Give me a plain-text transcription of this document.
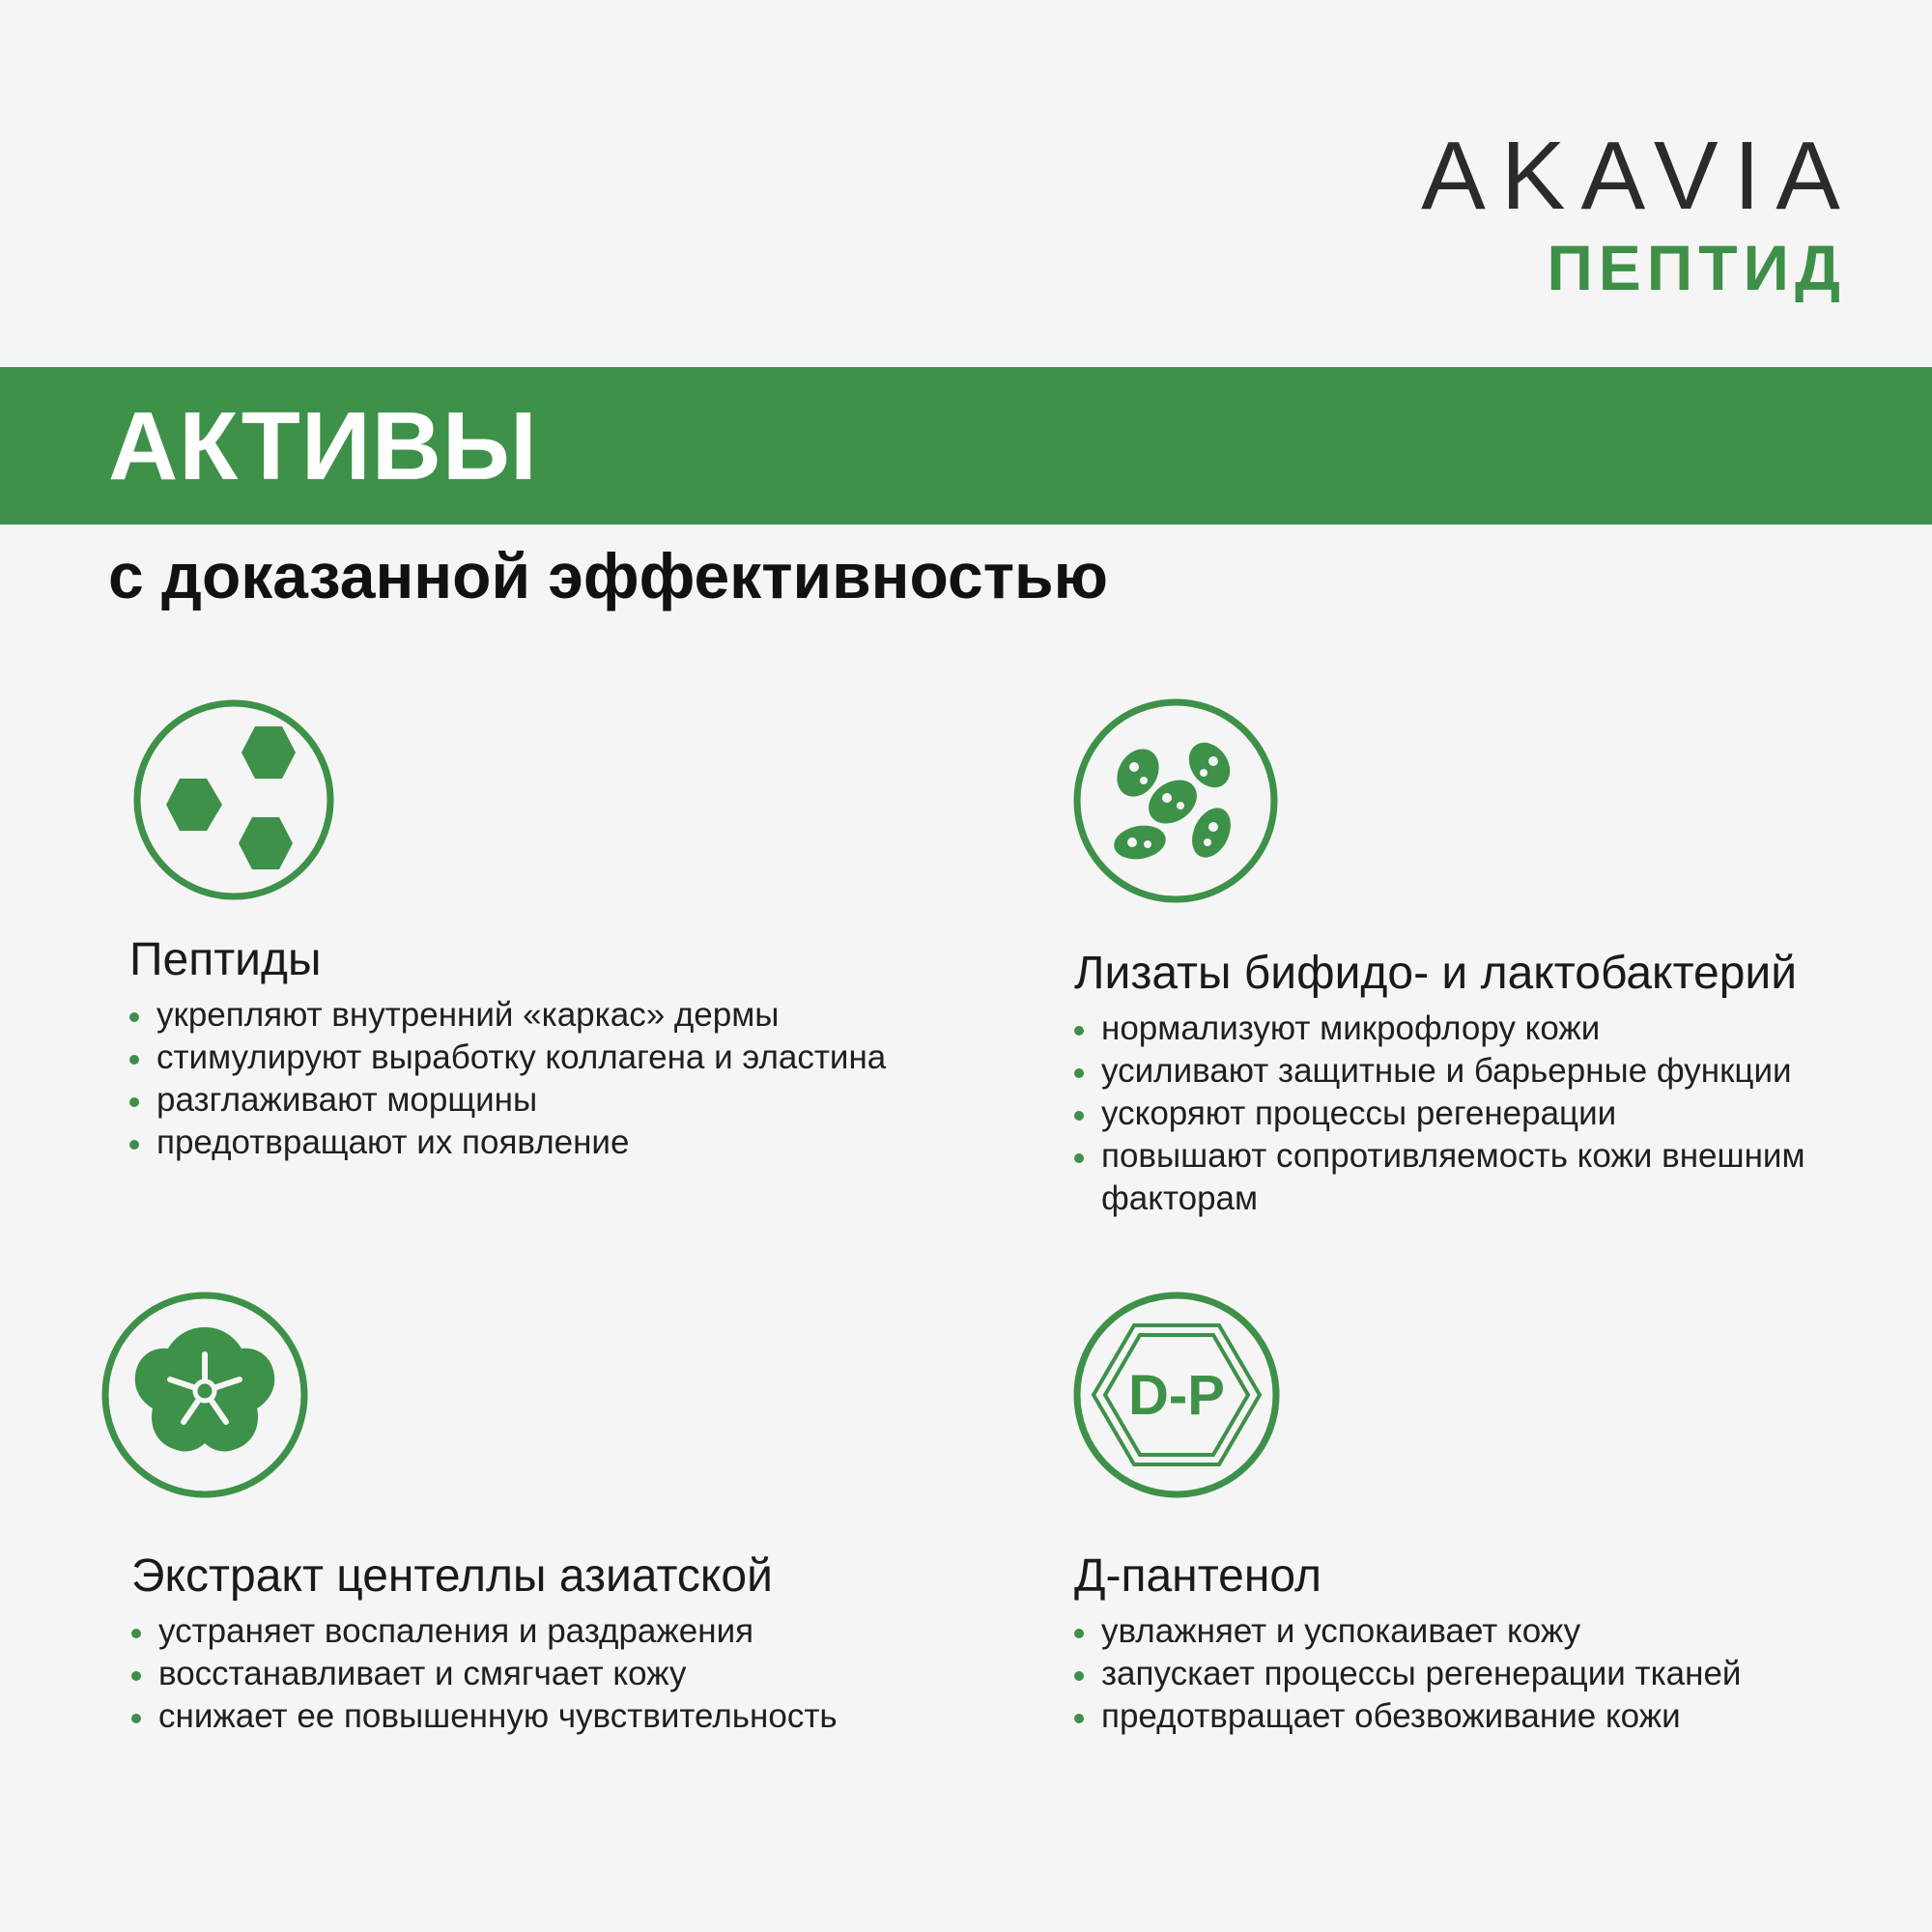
AKAVIA
ПЕПТИД
АКТИВЫ
с доказанной эффективностью
D-P
Пептиды
укрепляют внутренний «каркас» дермы
стимулируют выработку коллагена и эластина
разглаживают морщины
предотвращают их появление
Лизаты бифидо- и лактобактерий
нормализуют микрофлору кожи
усиливают защитные и барьерные функции
ускоряют процессы регенерации
повышают сопротивляемость кожи внешним
факторам
Экстракт центеллы азиатской
устраняет воспаления и раздражения
восстанавливает и смягчает кожу
снижает ее повышенную чувствительность
Д-пантенол
увлажняет и успокаивает кожу
запускает процессы регенерации тканей
предотвращает обезвоживание кожи
